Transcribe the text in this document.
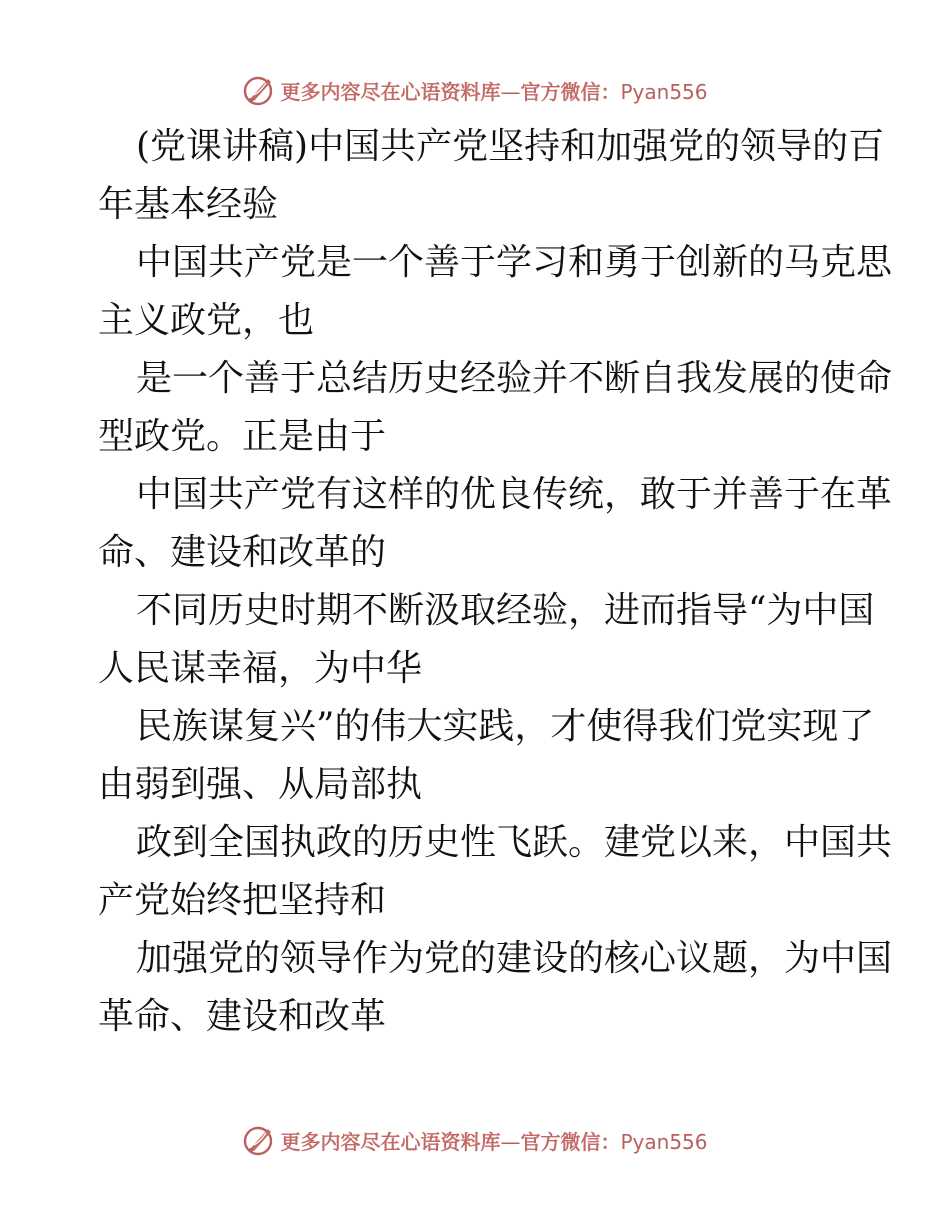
更多内容尽在心语资料库—官方微信：Pyan556

(党课讲稿)中国共产党坚持和加强党的领导的百

年基本经验

中国共产党是一个善于学习和勇于创新的马克思

主义政党，也

是一个善于总结历史经验并不断自我发展的使命

型政党。正是由于

中国共产党有这样的优良传统，敢于并善于在革

命、建设和改革的

不同历史时期不断汲取经验，进而指导“为中国

人民谋幸福，为中华

民族谋复兴”的伟大实践，才使得我们党实现了

由弱到强、从局部执

政到全国执政的历史性飞跃。建党以来，中国共

产党始终把坚持和

加强党的领导作为党的建设的核心议题，为中国

革命、建设和改革

更多内容尽在心语资料库—官方微信：Pyan556
